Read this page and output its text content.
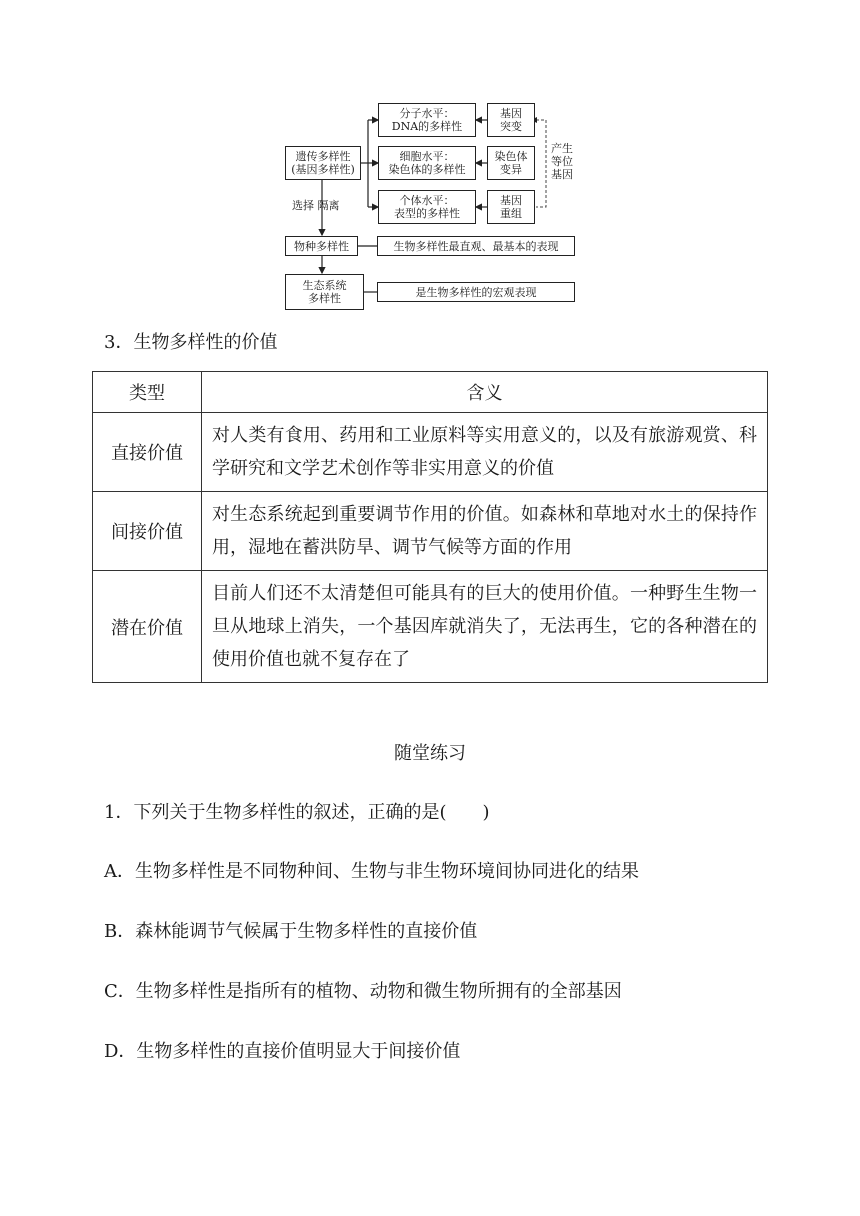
遗传多样性
(基因多样性)
分子水平：
DNA的多样性
细胞水平：
染色体的多样性
个体水平：
表型的多样性
基因
突变
染色体
变异
基因
重组
产生
等位
基因
选择 隔离
物种多样性	生物多样性最直观、最基本的表现
生态系统
多样性	是生物多样性的宏观表现
3．生物多样性的价值
类型	含义
直接价值	对人类有食用、药用和工业原料等实用意义的，以及有旅游观赏、科学研究和文学艺术创作等非实用意义的价值
间接价值	对生态系统起到重要调节作用的价值。如森林和草地对水土的保持作用，湿地在蓄洪防旱、调节气候等方面的作用
潜在价值	目前人们还不太清楚但可能具有的巨大的使用价值。一种野生生物一旦从地球上消失，一个基因库就消失了，无法再生，它的各种潜在的使用价值也就不复存在了
随堂练习
1．下列关于生物多样性的叙述，正确的是(　　)
A．生物多样性是不同物种间、生物与非生物环境间协同进化的结果
B．森林能调节气候属于生物多样性的直接价值
C．生物多样性是指所有的植物、动物和微生物所拥有的全部基因
D．生物多样性的直接价值明显大于间接价值
